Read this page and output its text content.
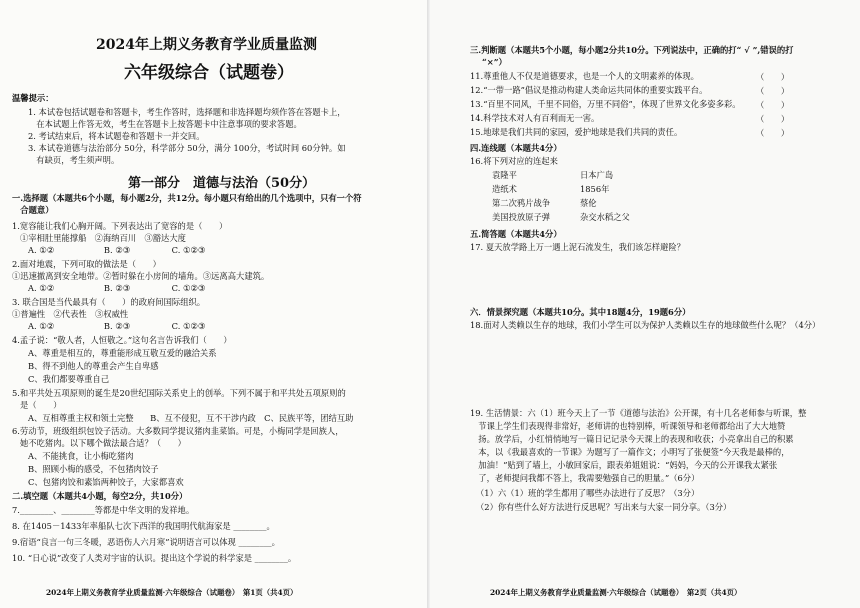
2024年上期义务教育学业质量监测
六年级综合（试题卷）
温馨提示：
1. 本试卷包括试题卷和答题卡，考生作答时，选择题和非选择题均须作答在答题卡上，
　在本试题上作答无效，考生在答题卡上按答题卡中注意事项的要求答题。
2. 考试结束后，将本试题卷和答题卡一并交回。
3. 本试卷道德与法治部分 50分，科学部分 50分，满分 100分，考试时间 60分钟。如
　有缺页，考生须声明。
第一部分　道德与法治（50分）
一.选择题（本题共6个小题，每小题2分，共12分。每小题只有给出的几个选项中，只有一个符
　合题意）
1.宽容能让我们心胸开阔。下列表达出了宽容的是（　　）
①宰相肚里能撑船　②海纳百川　③豁达大度
A. ①②　　　　　　B. ②③　　　　　C. ①②③
2.面对地震，下列可取的做法是（　　）
①迅速撤离到安全地带。②暂时躲在小房间的墙角。③远离高大建筑。
A. ①②　　　　　　B. ②③　　　　　C. ①②③
3. 联合国是当代最具有（　　）的政府间国际组织。
①普遍性　②代表性　③权威性
A. ①②　　　　　　B. ②③　　　　　C. ①②③
4.孟子说：“敬人者，人恒敬之。”这句名言告诉我们（　　）
A、尊重是相互的，尊重能形成互敬互爱的融洽关系
B、得不到他人的尊重会产生自卑感
C、我们都要尊重自己
5.和平共处五项原则的诞生是20世纪国际关系史上的创举。下列不属于和平共处五项原则的
是（　　）
A、互相尊重主权和领土完整　　B、互不侵犯，互不干涉内政　C、民族平等，团结互助
6.劳动节，班级组织包饺子活动。大多数同学提议猪肉韭菜馅。可是，小梅同学是回族人，
她不吃猪肉。以下哪个做法最合适？（　　）
A、不能挑食，让小梅吃猪肉
B、照顾小梅的感受，不包猪肉饺子
C、包猪肉饺和素馅两种饺子，大家都喜欢
二.填空题（本题共4小题，每空2分，共10分）
7.________、________等都是中华文明的发祥地。
8. 在1405－1433年率船队七次下西洋的我国明代航海家是 ________。
9.宿语“良言一句三冬暖，恶语伤人六月寒”说明语言可以体现 ________。
10. “日心说”改变了人类对宇宙的认识。提出这个学说的科学家是 ________。
2024年上期义务教育学业质量监测·六年级综合（试题卷）　第1页（共4页）
三.判断题（本题共5个小题，每小题2分共10分。下列说法中，正确的打“ √ ”,错误的打
“×”）
11.尊重他人不仅是道德要求，也是一个人的文明素养的体现。	（　　）
12.“一带一路”倡议是推动构建人类命运共同体的重要实践平台。	（　　）
13.“百里不同风，千里不同俗，万里不同俗”，体现了世界文化多姿多彩。 （　　）
14.科学技术对人有百利而无一害。	（　　）
15.地球是我们共同的家园，爱护地球是我们共同的责任。	（　　）
四.连线题（本题共4分）
16.将下列对应的连起来
袁隆平	日本广岛
造纸术	1856年
第二次鸦片战争	蔡伦
美国投放原子弹	杂交水稻之父
五.简答题（本题共4分）
17. 夏天放学路上万一遇上泥石流发生，我们该怎样避险？
六．情景探究题（本题共10分。其中18题4分，19题6分）
18.面对人类赖以生存的地球，我们小学生可以为保护人类赖以生存的地球做些什么呢？（4分）
19. 生活情景：六（1）班今天上了一节《道德与法治》公开课，有十几名老师参与听课，整
　节课上学生们表现得非常好，老师讲的也特别棒，听课领导和老师都给出了大大地赞
　扬。放学后，小红悄悄地写一篇日记记录今天课上的表现和收获；小亮拿出自己的积累
　本，以《我最喜欢的一节课》为题写了一篇作文；小明写了张便签“今天我是最棒的，
　加油！”贴到了墙上，小敏回家后，跟表弟姐姐说：“妈妈，今天的公开课我太紧张
　了，老师提问我都不答上，我需要勉强自己的胆量。”（6分）
（1）六（1）班的学生都用了哪些办法进行了反思？（3分）
（2）你有些什么好方法进行反思呢？写出来与大家一同分享。（3分）
2024年上期义务教育学业质量监测·六年级综合（试题卷）　第2页（共4页）
